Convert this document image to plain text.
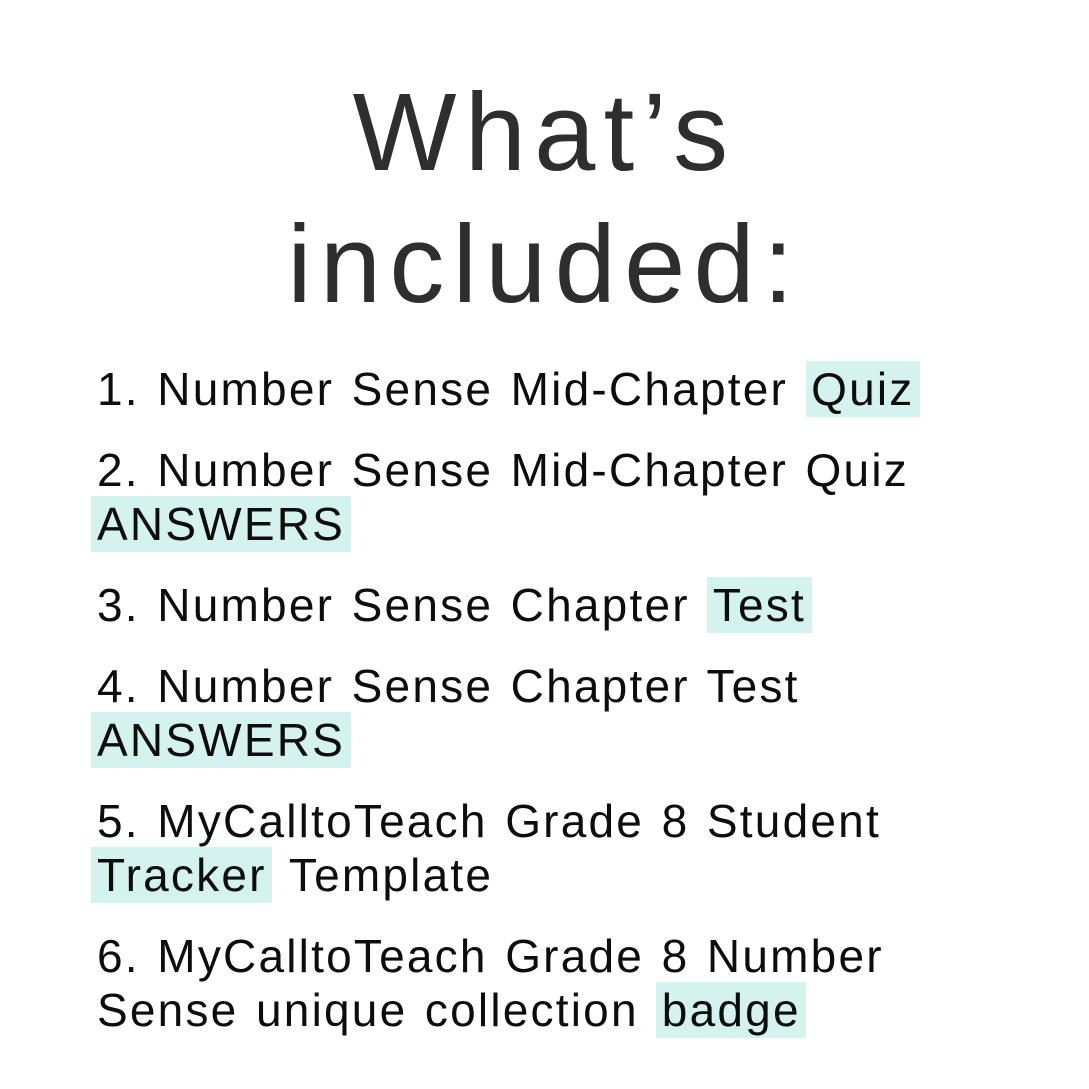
What’s
included:
1. Number Sense Mid-Chapter Quiz
2. Number Sense Mid-Chapter Quiz
ANSWERS
3. Number Sense Chapter Test
4. Number Sense Chapter Test
ANSWERS
5. MyCalltoTeach Grade 8 Student
Tracker Template
6. MyCalltoTeach Grade 8 Number
Sense unique collection badge
